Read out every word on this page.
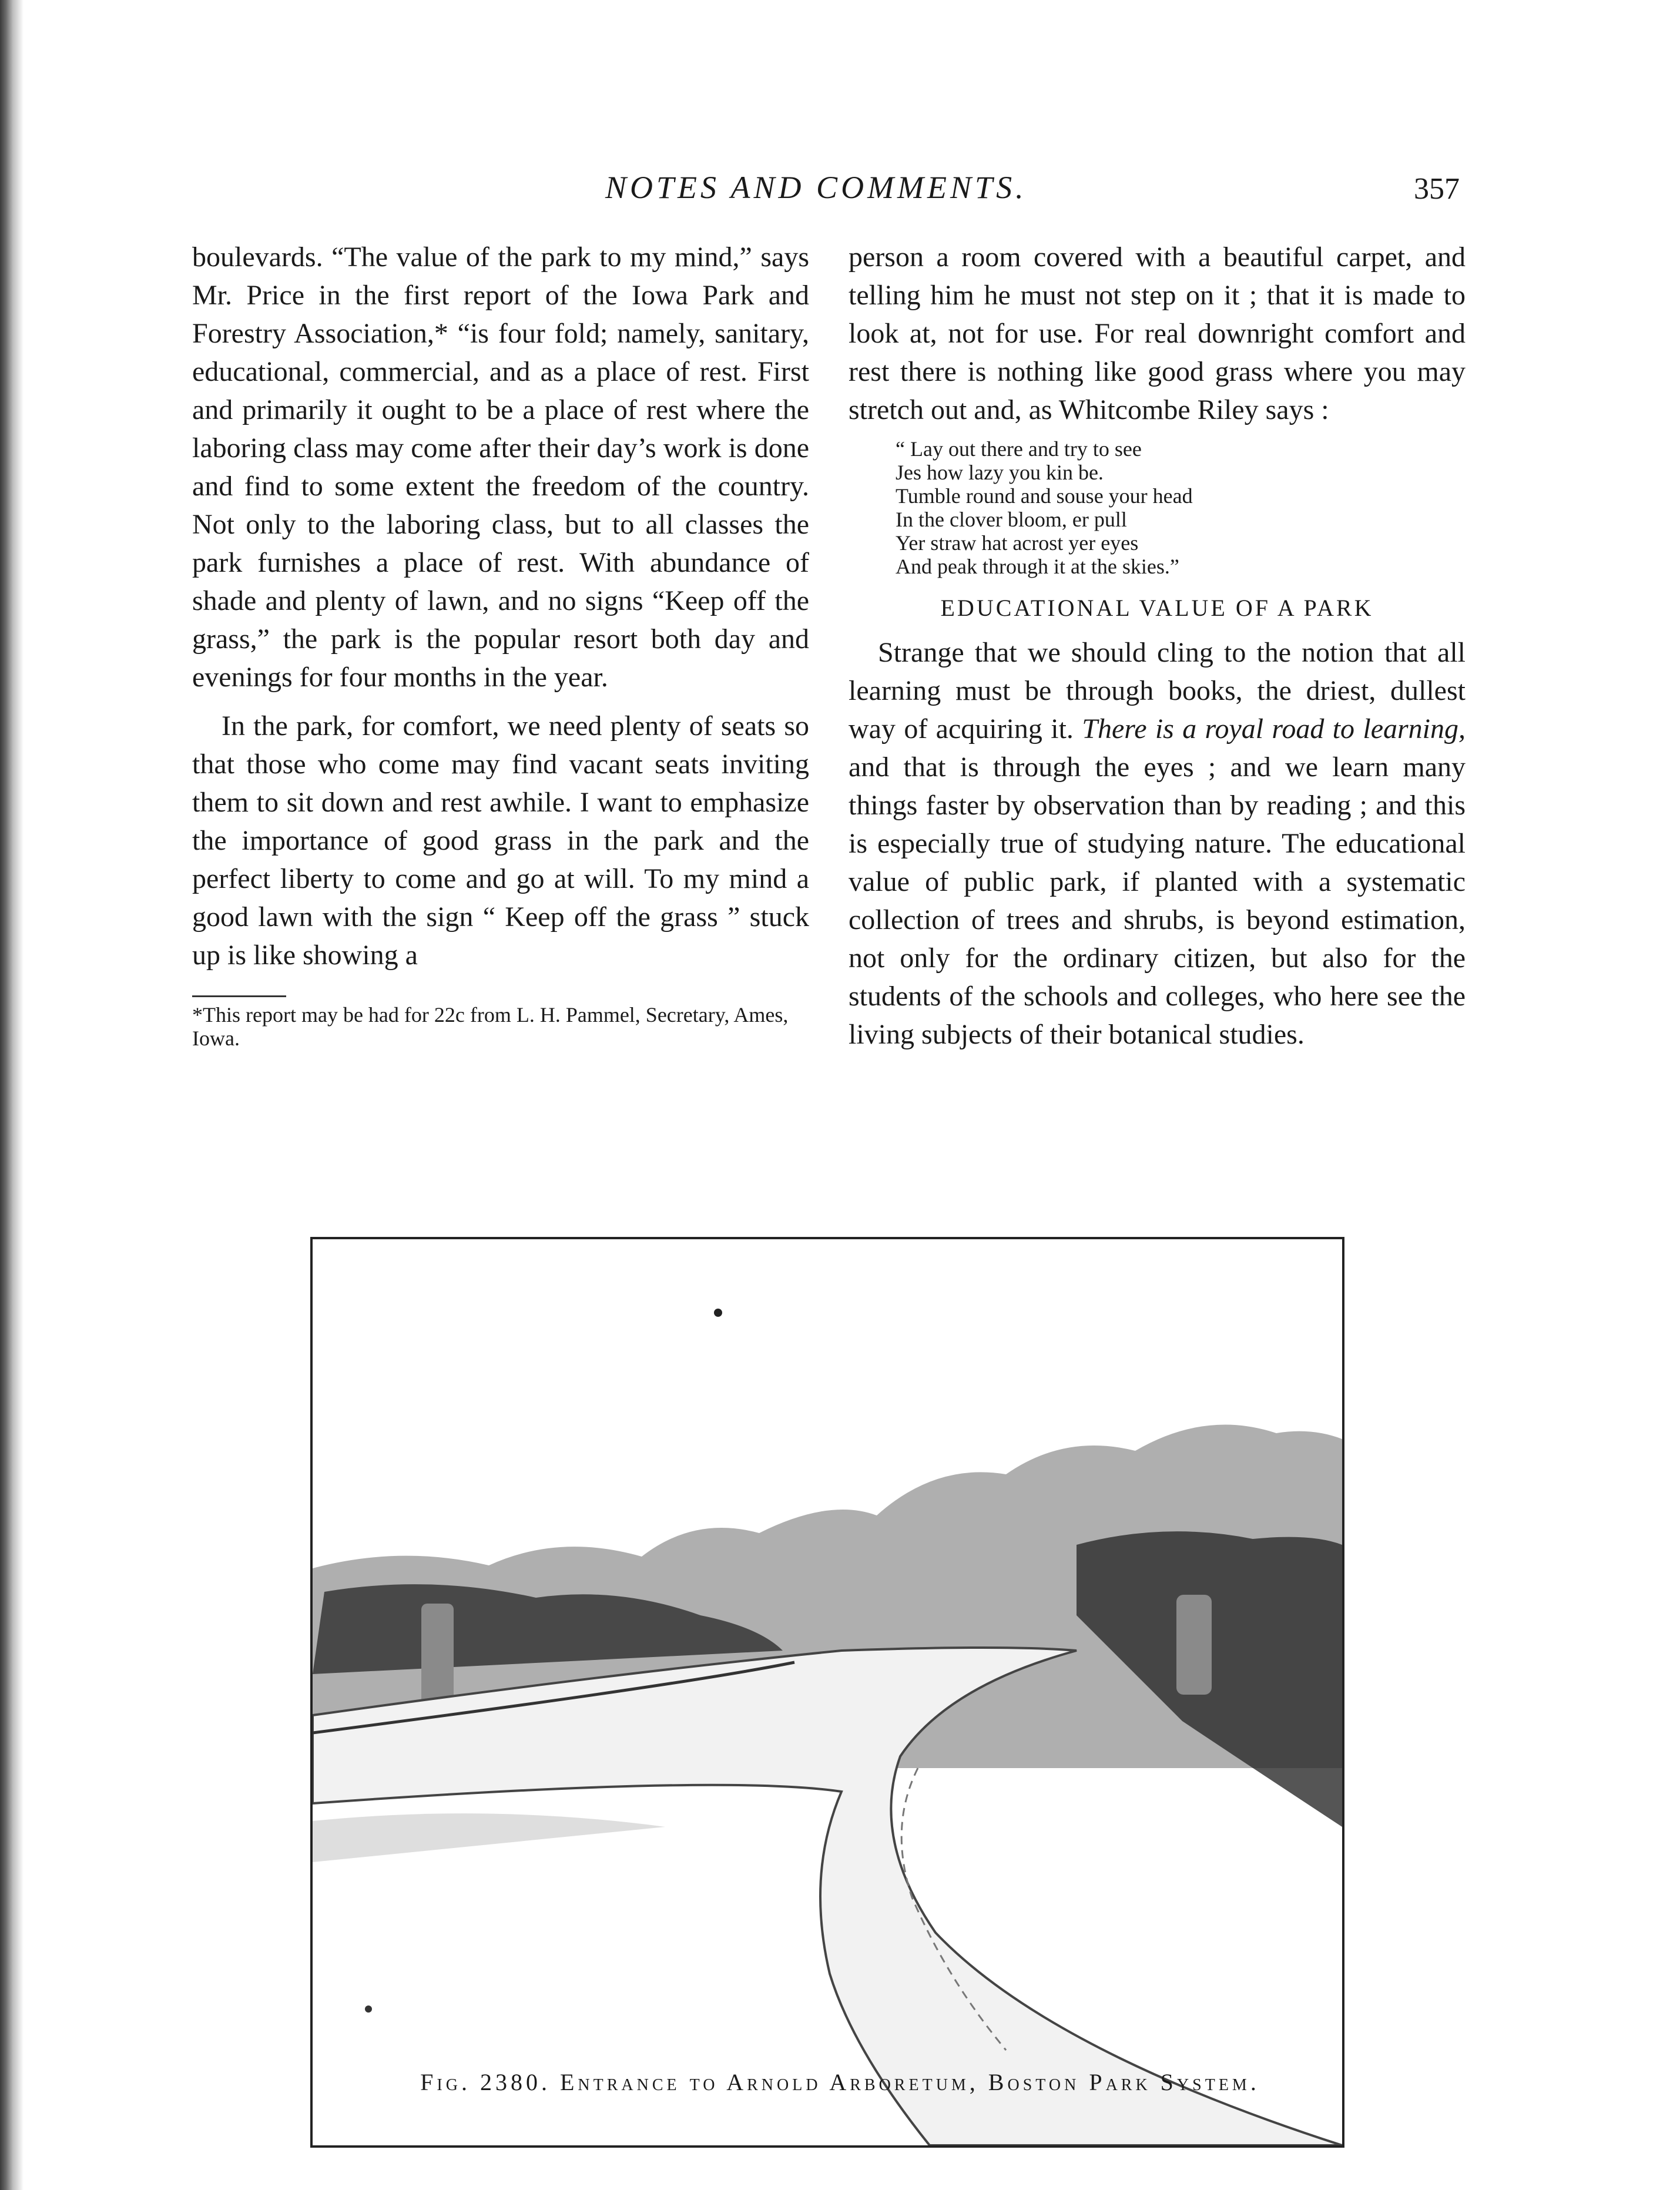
NOTES AND COMMENTS.	357

boulevards. “The value of the park to my mind,” says Mr. Price in the first report of the Iowa Park and Forestry Association,* “is four fold; namely, sanitary, educational, commercial, and as a place of rest. First and primarily it ought to be a place of rest where the laboring class may come after their day’s work is done and find to some extent the freedom of the country. Not only to the laboring class, but to all classes the park furnishes a place of rest. With abundance of shade and plenty of lawn, and no signs “Keep off the grass,” the park is the popular resort both day and evenings for four months in the year.

In the park, for comfort, we need plenty of seats so that those who come may find vacant seats inviting them to sit down and rest awhile. I want to emphasize the importance of good grass in the park and the perfect liberty to come and go at will. To my mind a good lawn with the sign “ Keep off the grass ” stuck up is like showing a

*This report may be had for 22c from L. H. Pammel, Secretary, Ames, Iowa.

person a room covered with a beautiful carpet, and telling him he must not step on it ; that it is made to look at, not for use. For real downright comfort and rest there is nothing like good grass where you may stretch out and, as Whitcombe Riley says :

“ Lay out there and try to see
Jes how lazy you kin be.
Tumble round and souse your head
In the clover bloom, er pull
Yer straw hat acrost yer eyes
And peak through it at the skies.”
EDUCATIONAL VALUE OF A PARK

Strange that we should cling to the notion that all learning must be through books, the driest, dullest way of acquiring it. There is a royal road to learning, and that is through the eyes ; and we learn many things faster by observation than by reading ; and this is especially true of studying nature. The educational value of public park, if planted with a systematic collection of trees and shrubs, is beyond estimation, not only for the ordinary citizen, but also for the students of the schools and colleges, who here see the living subjects of their botanical studies.

Fig. 2380. Entrance to Arnold Arboretum, Boston Park System.
